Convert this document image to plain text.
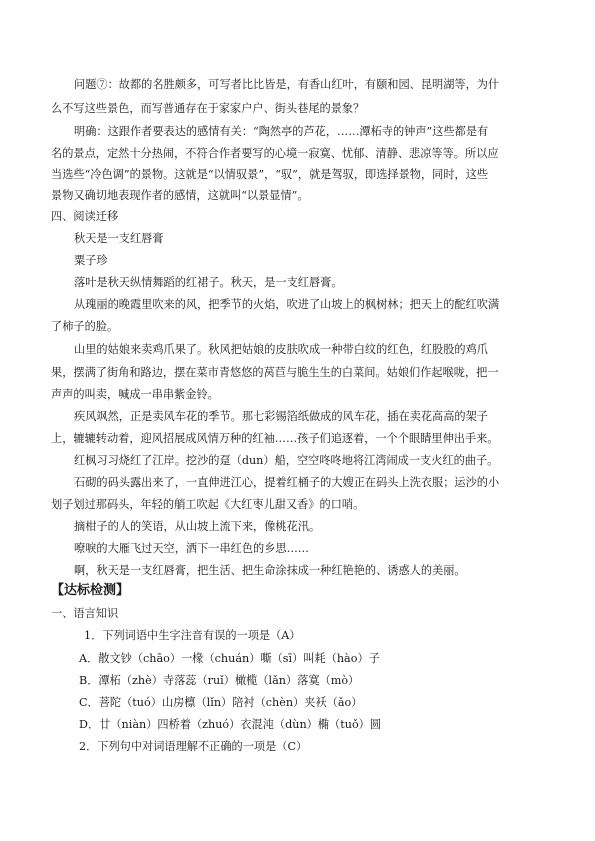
问题⑦：故都的名胜颇多，可写者比比皆是，有香山红叶，有颐和园、昆明湖等，为什
么不写这些景色，而写普通存在于家家户户、街头巷尾的景象？
明确：这跟作者要表达的感情有关：“陶然亭的芦花，……潭柘寺的钟声”这些都是有
名的景点，定然十分热闹，不符合作者要写的心境一寂寞、忧郁、清静、悲凉等等。所以应
当选些“冷色调”的景物。这就是“以情驭景”，“驭”，就是驾驭，即选择景物，同时，这些
景物又确切地表现作者的感情，这就叫“以景显情”。
四、阅读迁移
秋天是一支红唇膏
粟子珍
落叶是秋天纵情舞蹈的红裙子。秋天，是一支红唇膏。
从瑰丽的晚霞里吹来的风，把季节的火焰，吹进了山坡上的枫树林；把天上的酡红吹满
了柿子的脸。
山里的姑娘来卖鸡爪果了。秋风把姑娘的皮肤吹成一种带白纹的红色，红股股的鸡爪
果，摆满了街角和路边，摆在菜市青悠悠的莴苣与脆生生的白菜间。姑娘们作起喉咙，把一
声声的叫卖，喊成一串串紫金铃。
疾风飒然，正是卖风车花的季节。那七彩锡箔纸做成的风车花，插在卖花高高的架子
上，辘辘转动着，迎风招展成风情万种的红袖……孩子们追逐着，一个个眼睛里伸出手来。
红枫习习烧红了江岸。挖沙的趸（dun）船，空空咚咚地将江湾闹成一支火红的曲子。
石砌的码头露出来了，一直伸进江心，提着红桶子的大嫂正在码头上洗衣服；运沙的小
划子划过那码头，年轻的艄工吹起《大红枣儿甜又香》的口哨。
摘柑子的人的笑语，从山坡上流下来，像桃花汛。
嘹唳的大雁飞过天空，洒下一串红色的乡思……
啊，秋天是一支红唇膏，把生活、把生命涂抹成一种红艳艳的、诱惑人的美丽。
【达标检测】
一、语言知识
1．下列词语中生字注音有误的一项是（A）
A．散文钞（chāo）一椽（chuán）嘶（sī）叫耗（hào）子
B．潭柘（zhè）寺落蕊（ruǐ）橄榄（lǎn）落寞（mò）
C．菩陀（tuó）山房檩（lǐn）陪衬（chèn）夹袄（ǎo）
D．廿（niàn）四桥着（zhuó）衣混沌（dùn）椭（tuǒ）圆
2．下列句中对词语理解不正确的一项是（C）
